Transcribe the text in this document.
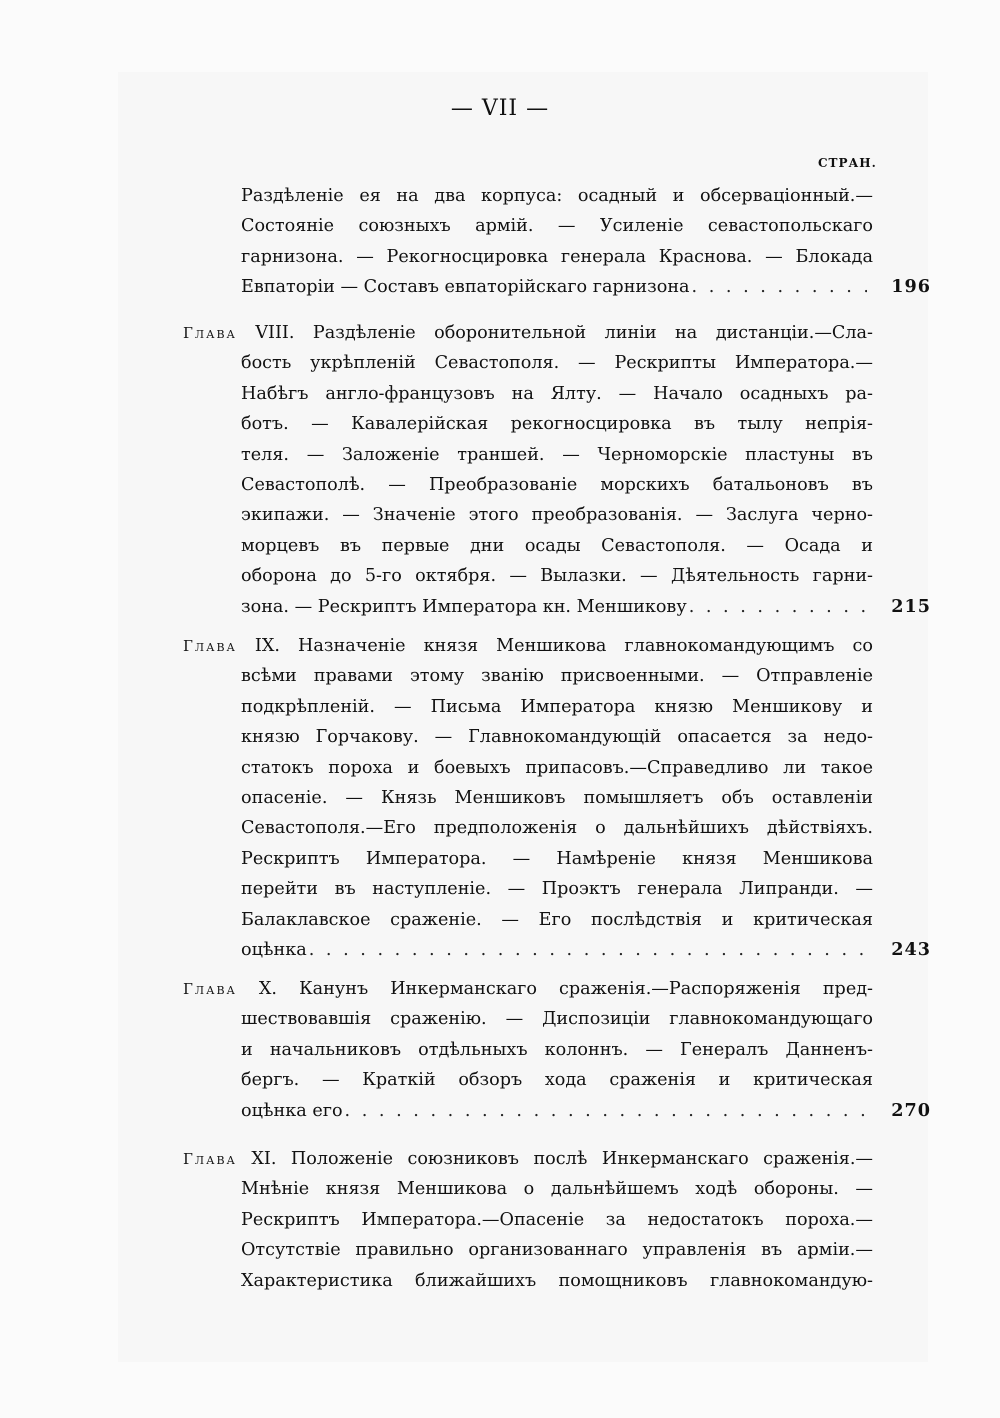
— VII —
СТРАН.
Раздѣленіе ея на два корпуса: осадный и обсерваціонный.—
Состояніе союзныхъ армій. — Усиленіе севастопольскаго
гарнизона. — Рекогносцировка генерала Краснова. — Блокада
Евпаторіи — Составъ евпаторійскаго гарнизона . . .	196
Глава VIII. Раздѣленіе оборонительной линіи на дистанціи.—Сла-
бость укрѣпленій Севастополя. — Рескрипты Императора.—
Набѣгъ англо-французовъ на Ялту. — Начало осадныхъ ра-
ботъ. — Кавалерійская рекогносцировка въ тылу непрія-
теля. — Заложеніе траншей. — Черноморскіе пластуны въ
Севастополѣ. — Преобразованіе морскихъ батальоновъ въ
экипажи. — Значеніе этого преобразованія. — Заслуга черно-
морцевъ въ первые дни осады Севастополя. — Осада и
оборона до 5-го октября. — Вылазки. — Дѣятельность гарни-
зона. — Рескриптъ Императора кн. Меншикову . . .	215
Глава IX. Назначеніе князя Меншикова главнокомандующимъ со
всѣми правами этому званію присвоенными. — Отправленіе
подкрѣпленій. — Письма Императора князю Меншикову и
князю Горчакову. — Главнокомандующій опасается за недо-
статокъ пороха и боевыхъ припасовъ.—Справедливо ли такое
опасеніе. — Князь Меншиковъ помышляетъ объ оставленіи
Севастополя.—Его предположенія о дальнѣйшихъ дѣйствіяхъ.
Рескриптъ Императора. — Намѣреніе князя Меншикова
перейти въ наступленіе. — Проэктъ генерала Липранди. —
Балаклавское сраженіе. — Его послѣдствія и критическая
оцѣнка . . .	243
Глава X. Канунъ Инкерманскаго сраженія.—Распоряженія пред-
шествовавшія сраженію. — Диспозиціи главнокомандующаго
и начальниковъ отдѣльныхъ колоннъ. — Генералъ Данненъ-
бергъ. — Краткій обзоръ хода сраженія и критическая
оцѣнка его . . .	270
Глава XI. Положеніе союзниковъ послѣ Инкерманскаго сраженія.—
Мнѣніе князя Меншикова о дальнѣйшемъ ходѣ обороны. —
Рескриптъ Императора.—Опасеніе за недостатокъ пороха.—
Отсутствіе правильно организованнаго управленія въ арміи.—
Характеристика ближайшихъ помощниковъ главнокомандую-
